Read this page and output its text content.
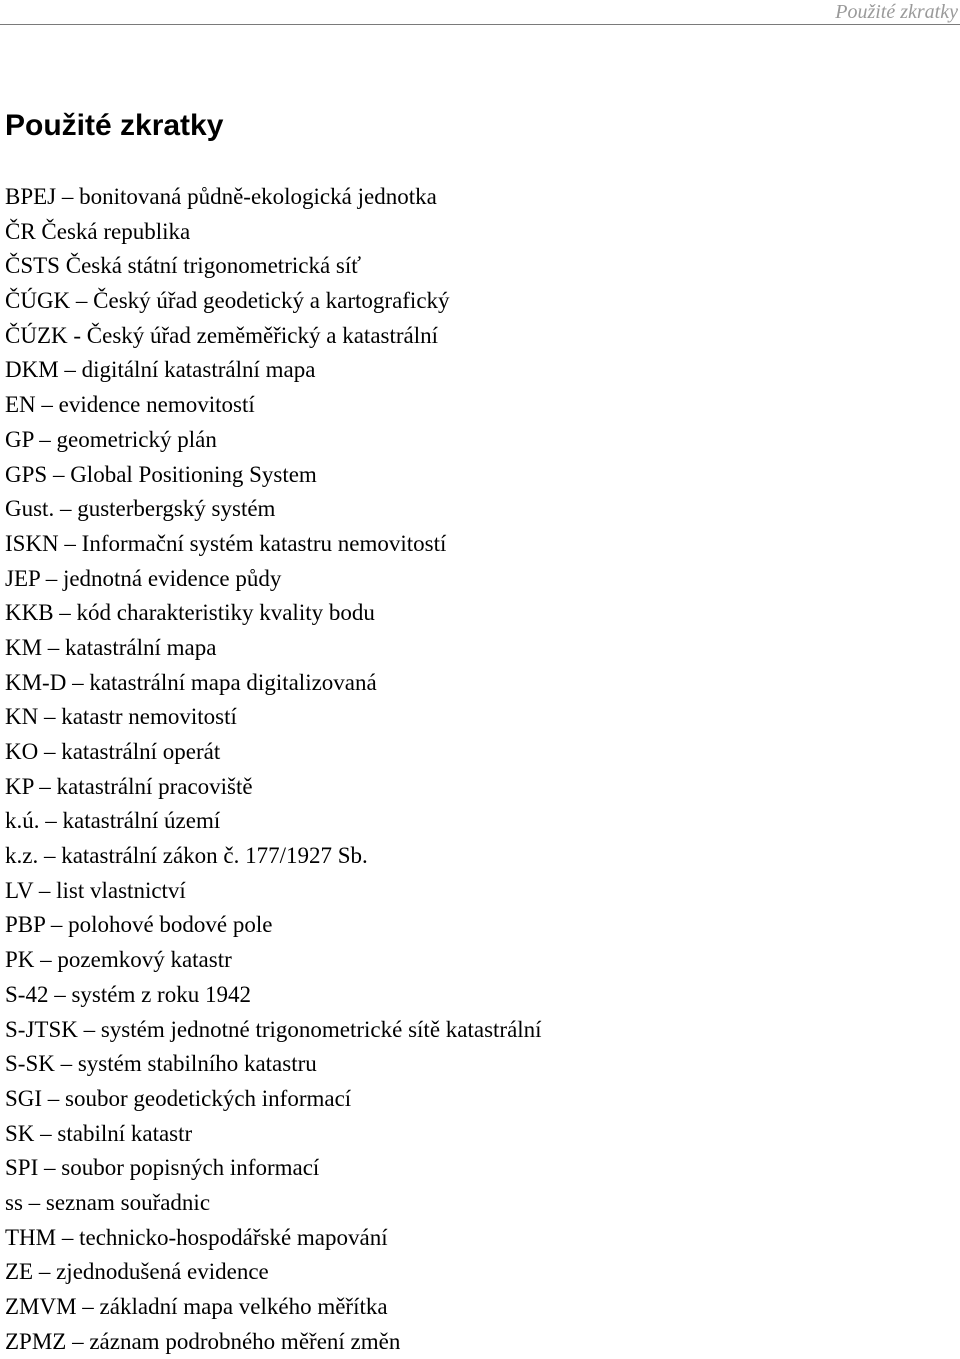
Použité zkratky
Použité zkratky
BPEJ – bonitovaná půdně-ekologická jednotka
ČR Česká republika
ČSTS Česká státní trigonometrická síť
ČÚGK – Český úřad geodetický a kartografický
ČÚZK - Český úřad zeměměřický a katastrální
DKM – digitální katastrální mapa
EN – evidence nemovitostí
GP – geometrický plán
GPS – Global Positioning System
Gust. – gusterbergský systém
ISKN – Informační systém katastru nemovitostí
JEP – jednotná evidence půdy
KKB – kód charakteristiky kvality bodu
KM – katastrální mapa
KM-D – katastrální mapa digitalizovaná
KN – katastr nemovitostí
KO – katastrální operát
KP – katastrální pracoviště
k.ú. – katastrální území
k.z. – katastrální zákon č. 177/1927 Sb.
LV – list vlastnictví
PBP – polohové bodové pole
PK – pozemkový katastr
S-42 – systém z roku 1942
S-JTSK – systém jednotné trigonometrické sítě katastrální
S-SK – systém stabilního katastru
SGI – soubor geodetických informací
SK – stabilní katastr
SPI – soubor popisných informací
ss – seznam souřadnic
THM – technicko-hospodářské mapování
ZE – zjednodušená evidence
ZMVM – základní mapa velkého měřítka
ZPMZ – záznam podrobného měření změn
